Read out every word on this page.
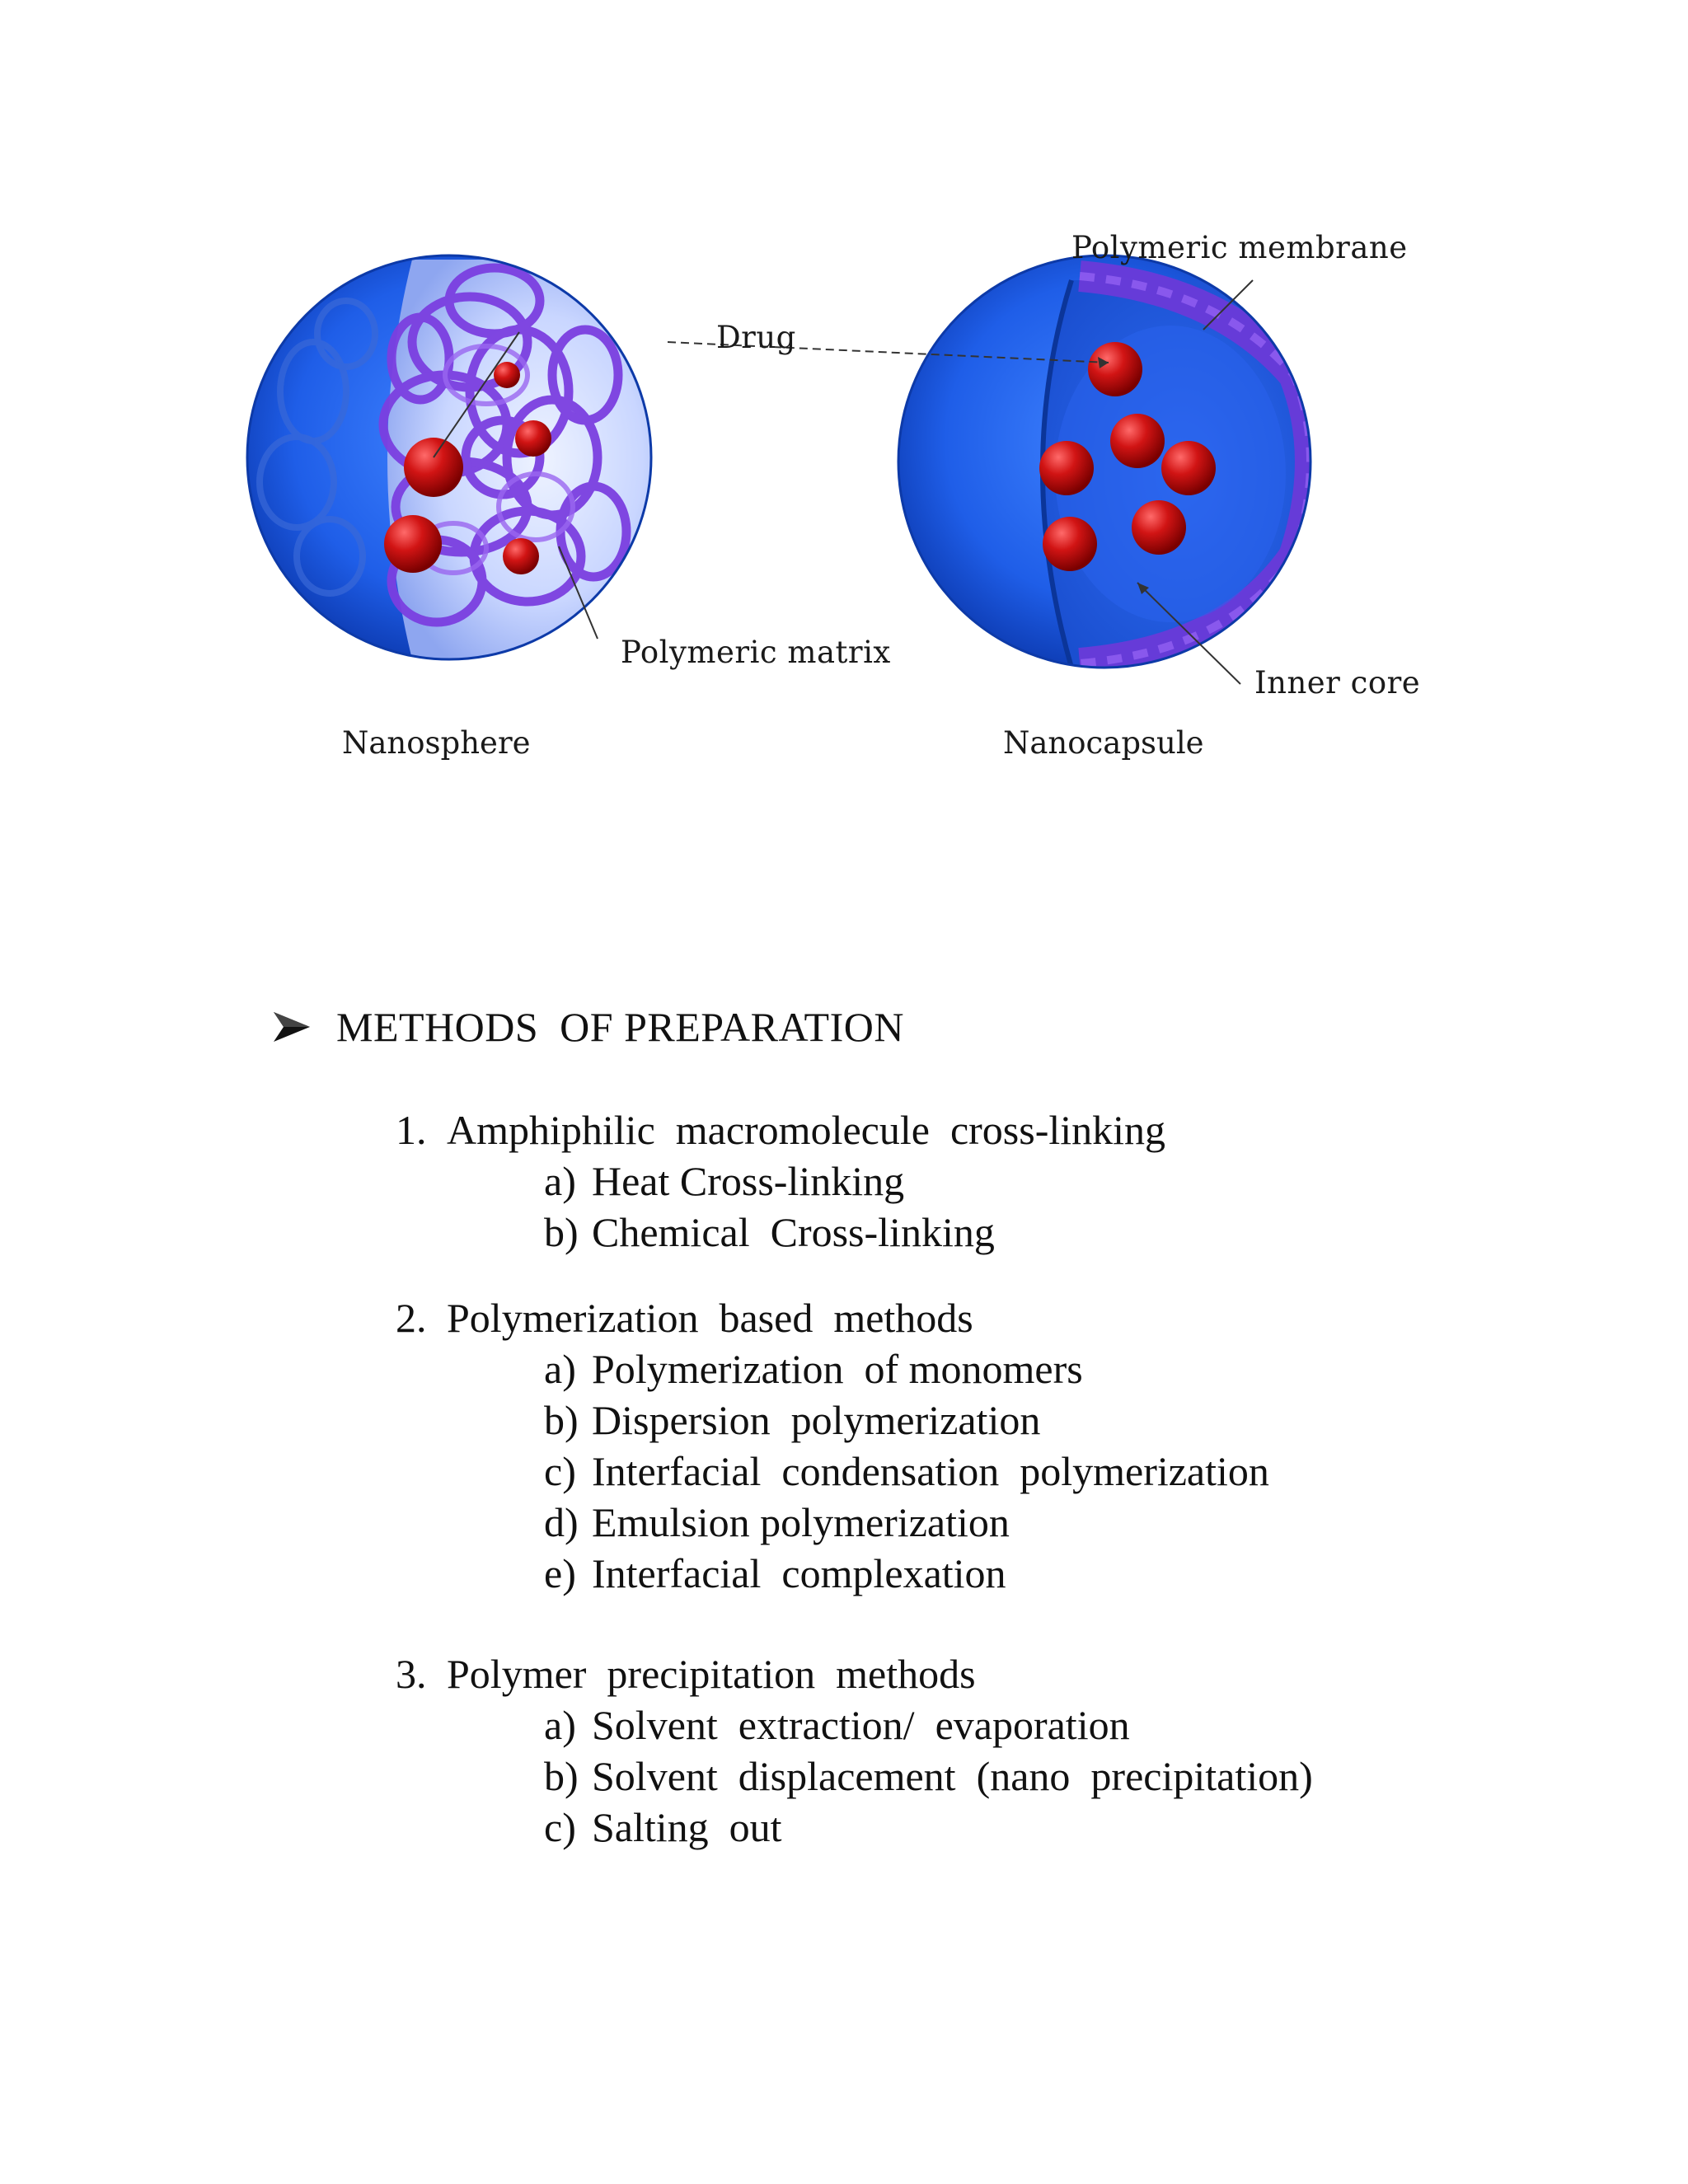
Polymeric membrane
Drug
Polymeric matrix
Inner core
Nanosphere	Nanocapsule
METHODS  OF PREPARATION
1. Amphiphilic  macromolecule  cross-linking
a) Heat Cross-linking
b) Chemical  Cross-linking
2. Polymerization  based  methods
a) Polymerization  of monomers
b) Dispersion  polymerization
c) Interfacial  condensation  polymerization
d) Emulsion polymerization
e) Interfacial  complexation
3. Polymer  precipitation  methods
a) Solvent  extraction/  evaporation
b) Solvent  displacement  (nano  precipitation)
c) Salting  out
